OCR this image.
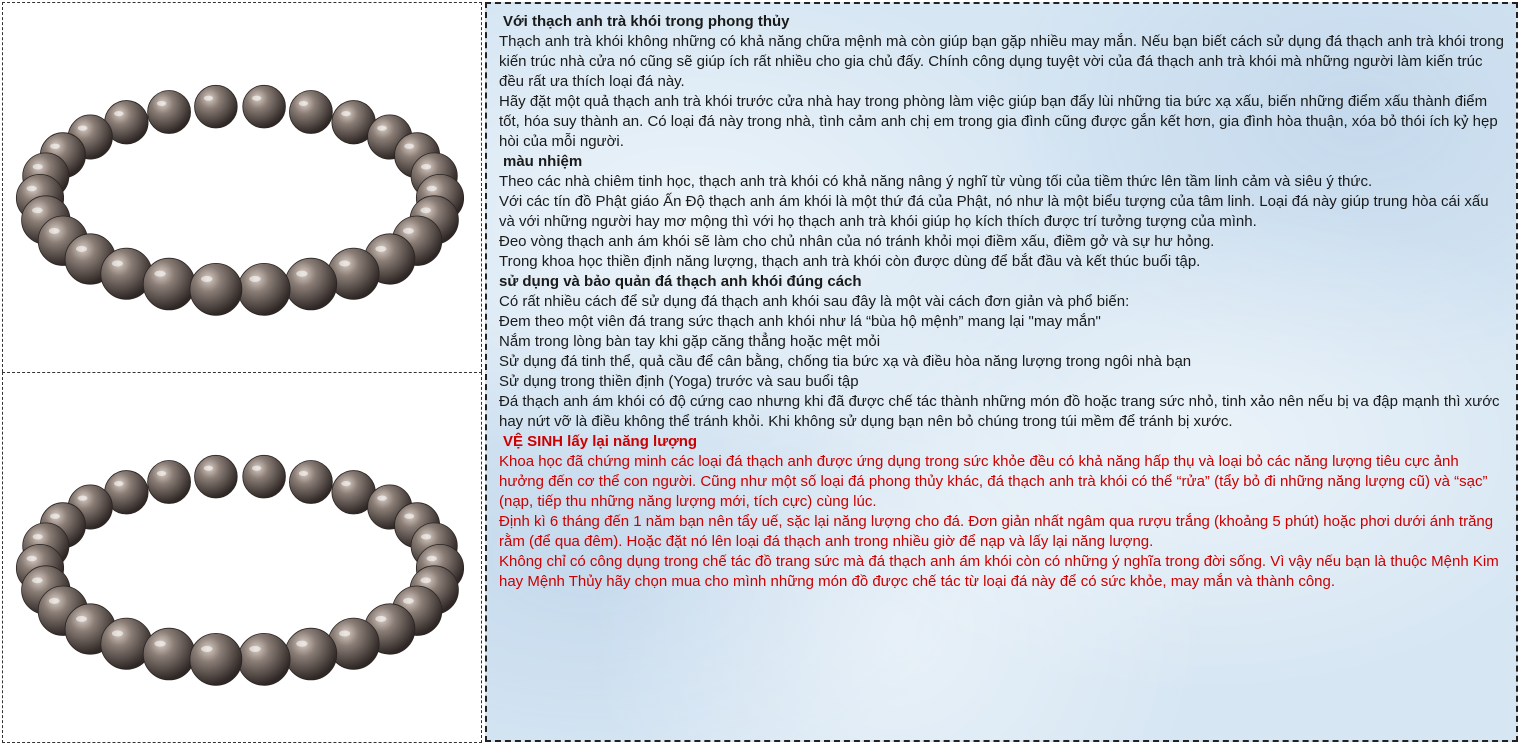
Với thạch anh trà khói trong phong thủy

Thạch anh trà khói không những có khả năng chữa mệnh mà còn giúp bạn gặp nhiều may mắn. Nếu bạn biết cách sử dụng đá thạch anh trà khói trong kiến trúc nhà cửa nó cũng sẽ giúp ích rất nhiều cho gia chủ đấy. Chính công dụng tuyệt vời của đá thạch anh trà khói mà những người làm kiến trúc đều rất ưa thích loại đá này.

Hãy đặt một quả thạch anh trà khói trước cửa nhà hay trong phòng làm việc giúp bạn đẩy lùi những tia bức xạ xấu, biến những điểm xấu thành điểm tốt, hóa suy thành an. Có loại đá này trong nhà, tình cảm anh chị em trong gia đình cũng được gắn kết hơn, gia đình hòa thuận, xóa bỏ thói ích kỷ hẹp hòi của mỗi người.

màu nhiệm

Theo các nhà chiêm tinh học, thạch anh trà khói có khả năng nâng ý nghĩ từ vùng tối của tiềm thức lên tầm linh cảm và siêu ý thức.

Với các tín đồ Phật giáo Ấn Độ thạch anh ám khói là một thứ đá của Phật, nó như là một biểu tượng của tâm linh. Loại đá này giúp trung hòa cái xấu và với những người hay mơ mộng thì với họ thạch anh trà khói giúp họ kích thích được trí tưởng tượng của mình.

Đeo vòng thạch anh ám khói sẽ làm cho chủ nhân của nó tránh khỏi mọi điềm xấu, điềm gở và sự hư hỏng.

Trong khoa học thiền định năng lượng, thạch anh trà khói còn được dùng để bắt đầu và kết thúc buổi tập.

sử dụng và bảo quản đá thạch anh khói đúng cách

Có rất nhiều cách để sử dụng đá thạch anh khói sau đây là một vài cách đơn giản và phổ biến:

Đem theo một viên đá trang sức thạch anh khói như lá “bùa hộ mệnh” mang lại "may mắn"

Nắm trong lòng bàn tay khi gặp căng thẳng hoặc mệt mỏi

Sử dụng đá tinh thể, quả cầu để cân bằng, chống tia bức xạ và điều hòa năng lượng trong ngôi nhà bạn

Sử dụng trong thiền định (Yoga) trước và sau buổi tập

Đá thạch anh ám khói có độ cứng cao nhưng khi đã được chế tác thành những món đồ hoặc trang sức nhỏ, tinh xảo nên nếu bị va đập mạnh thì xước hay nứt vỡ là điều không thể tránh khỏi. Khi không sử dụng bạn nên bỏ chúng trong túi mềm để tránh bị xước.

VỆ SINH lấy lại năng lượng

Khoa học đã chứng minh các loại đá thạch anh được ứng dụng trong sức khỏe đều có khả năng hấp thụ và loại bỏ các năng lượng tiêu cực ảnh hưởng đến cơ thể con người. Cũng như một số loại đá phong thủy khác, đá thạch anh trà khói có thể “rửa” (tẩy bỏ đi những năng lượng cũ) và “sạc” (nạp, tiếp thu những năng lượng mới, tích cực) cùng lúc.

Định kì 6 tháng đến 1 năm bạn nên tẩy uế, sặc lại năng lượng cho đá. Đơn giản nhất ngâm qua rượu trắng (khoảng 5 phút) hoặc phơi dưới ánh trăng rằm (để qua đêm). Hoặc đặt nó lên loại đá thạch anh trong nhiều giờ để nạp và lấy lại năng lượng.

Không chỉ có công dụng trong chế tác đồ trang sức mà đá thạch anh ám khói còn có những ý nghĩa trong đời sống. Vì vậy nếu bạn là thuộc Mệnh Kim hay Mệnh Thủy hãy chọn mua cho mình những món đồ được chế tác từ loại đá này để có sức khỏe, may mắn và thành công.
